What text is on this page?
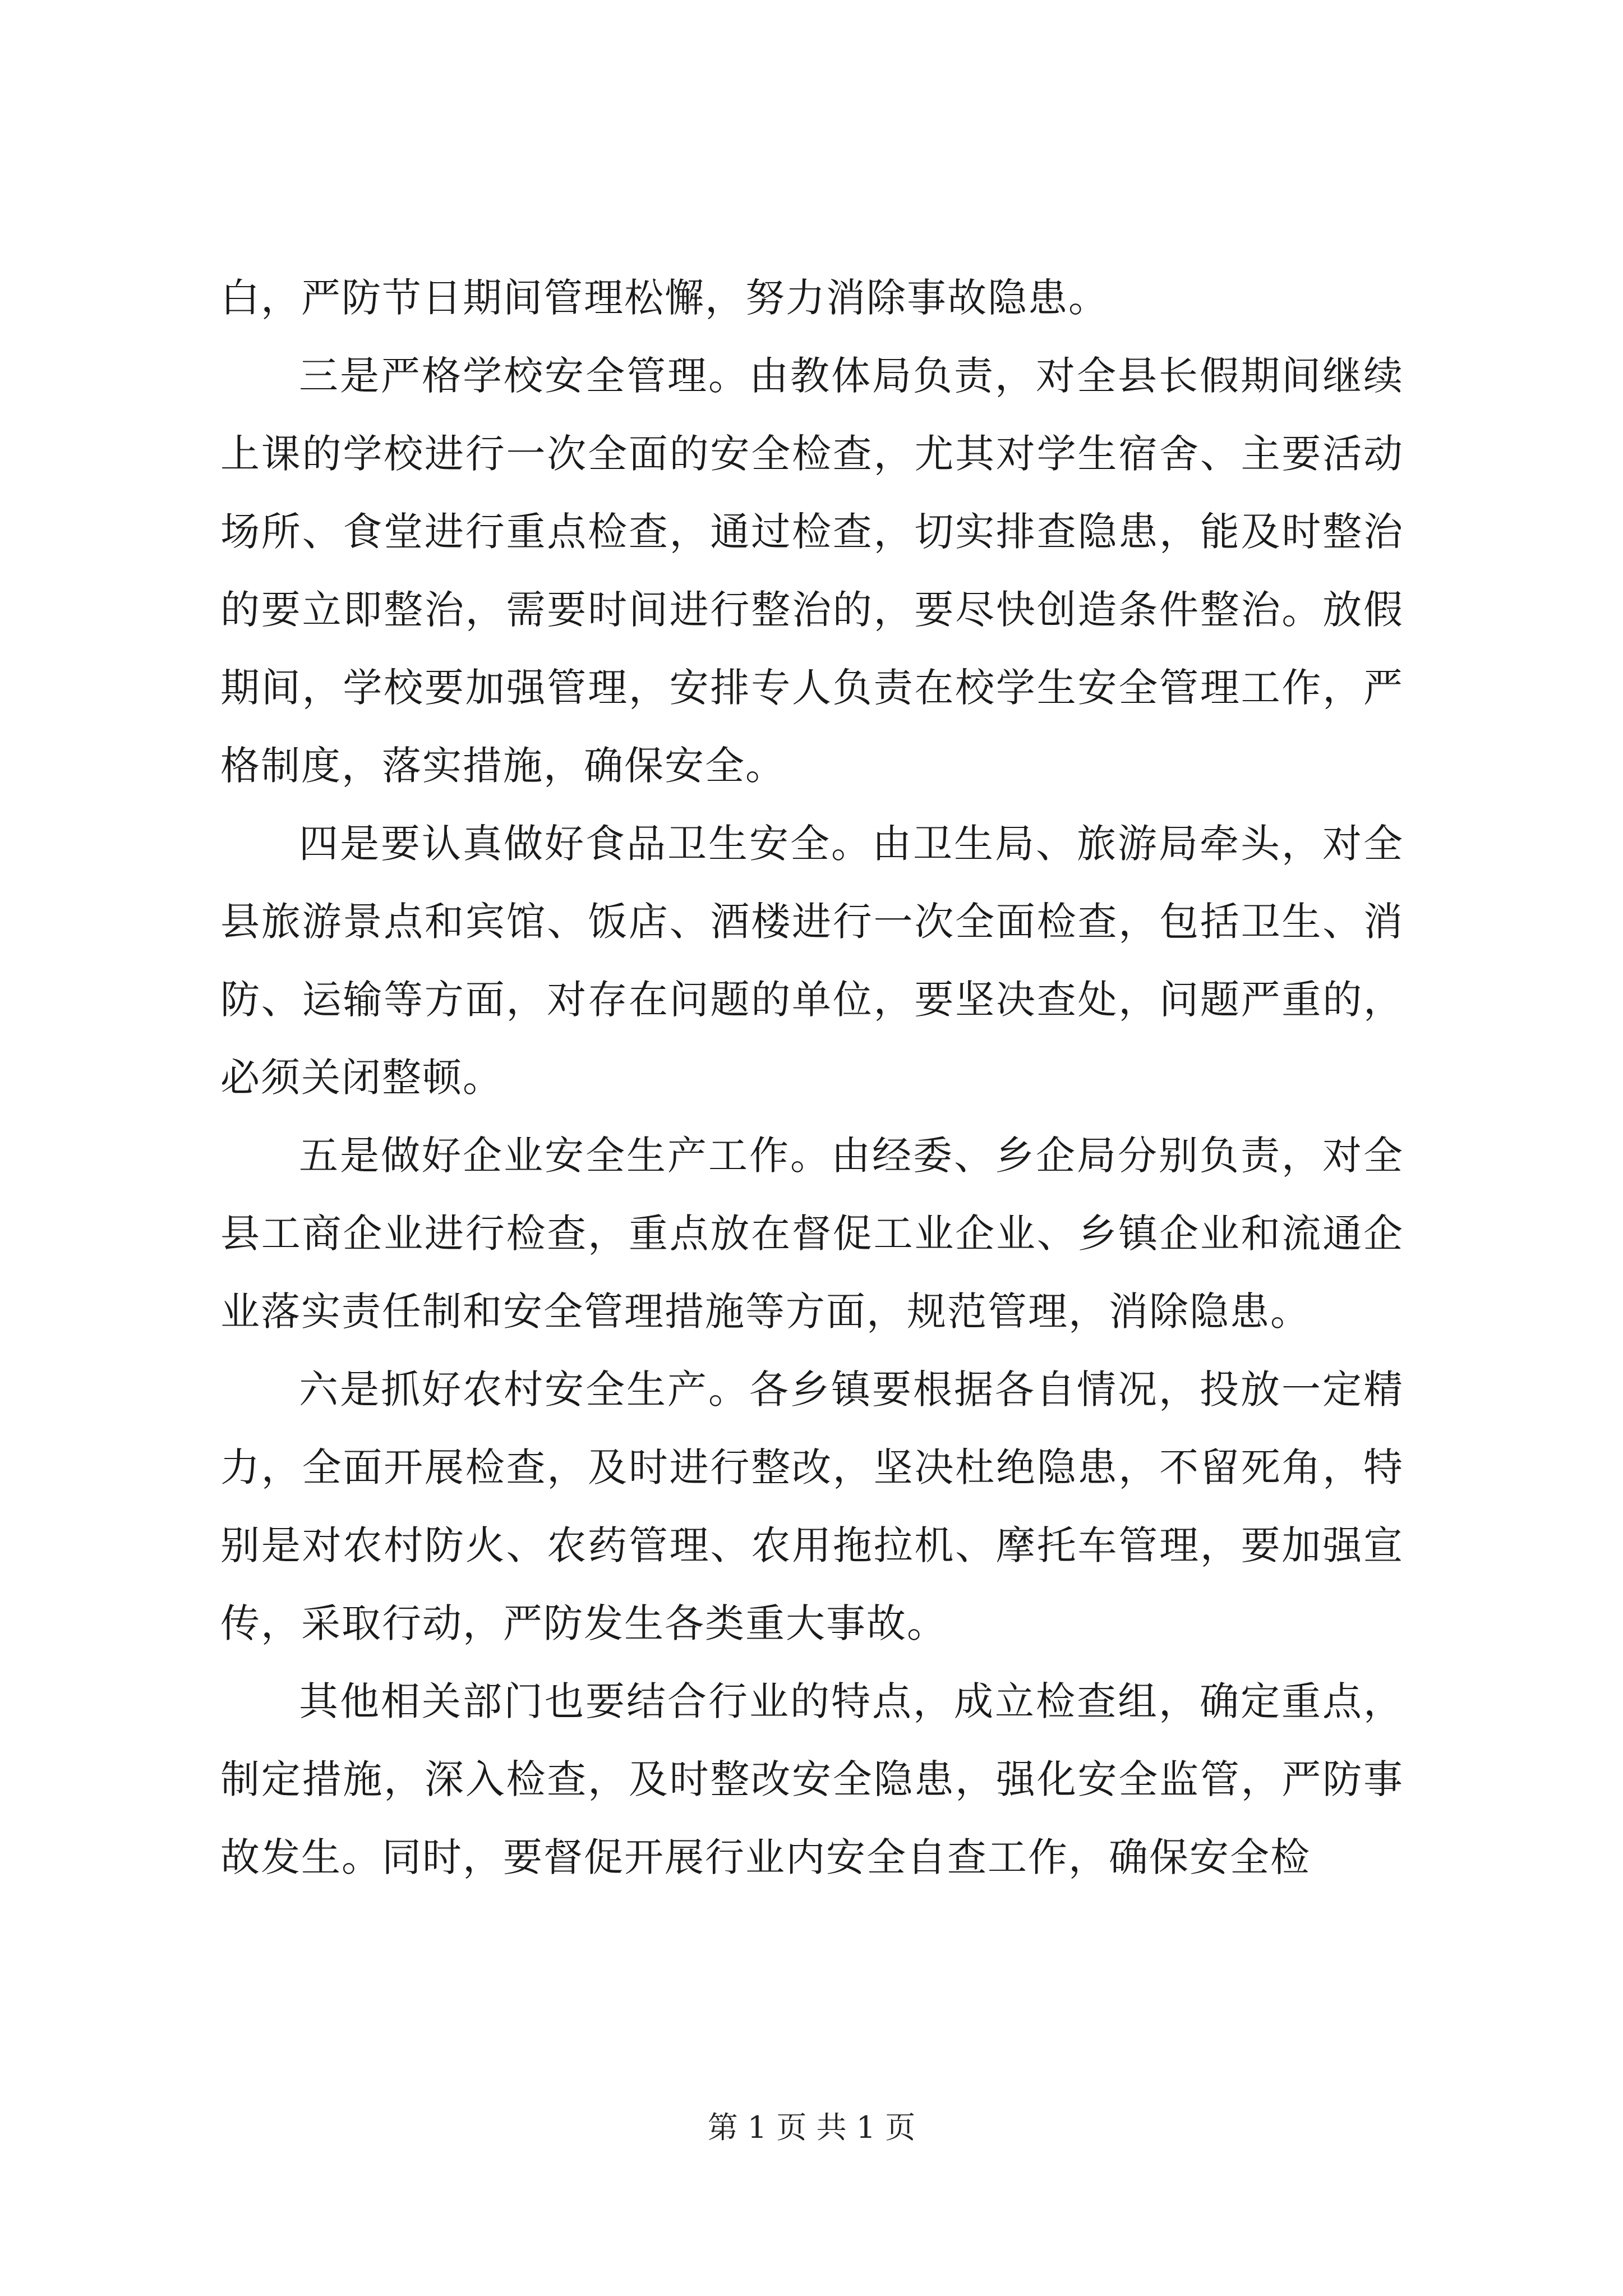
白，严防节日期间管理松懈，努力消除事故隐患。

三是严格学校安全管理。由教体局负责，对全县长假期间继续上课的学校进行一次全面的安全检查，尤其对学生宿舍、主要活动场所、食堂进行重点检查，通过检查，切实排查隐患，能及时整治的要立即整治，需要时间进行整治的，要尽快创造条件整治。放假期间，学校要加强管理，安排专人负责在校学生安全管理工作，严格制度，落实措施，确保安全。

四是要认真做好食品卫生安全。由卫生局、旅游局牵头，对全县旅游景点和宾馆、饭店、酒楼进行一次全面检查，包括卫生、消防、运输等方面，对存在问题的单位，要坚决查处，问题严重的，必须关闭整顿。

五是做好企业安全生产工作。由经委、乡企局分别负责，对全县工商企业进行检查，重点放在督促工业企业、乡镇企业和流通企业落实责任制和安全管理措施等方面，规范管理，消除隐患。

六是抓好农村安全生产。各乡镇要根据各自情况，投放一定精力，全面开展检查，及时进行整改，坚决杜绝隐患，不留死角，特别是对农村防火、农药管理、农用拖拉机、摩托车管理，要加强宣传，采取行动，严防发生各类重大事故。

其他相关部门也要结合行业的特点，成立检查组，确定重点，制定措施，深入检查，及时整改安全隐患，强化安全监管，严防事故发生。同时，要督促开展行业内安全自查工作，确保安全检

第 1 页 共 1 页
